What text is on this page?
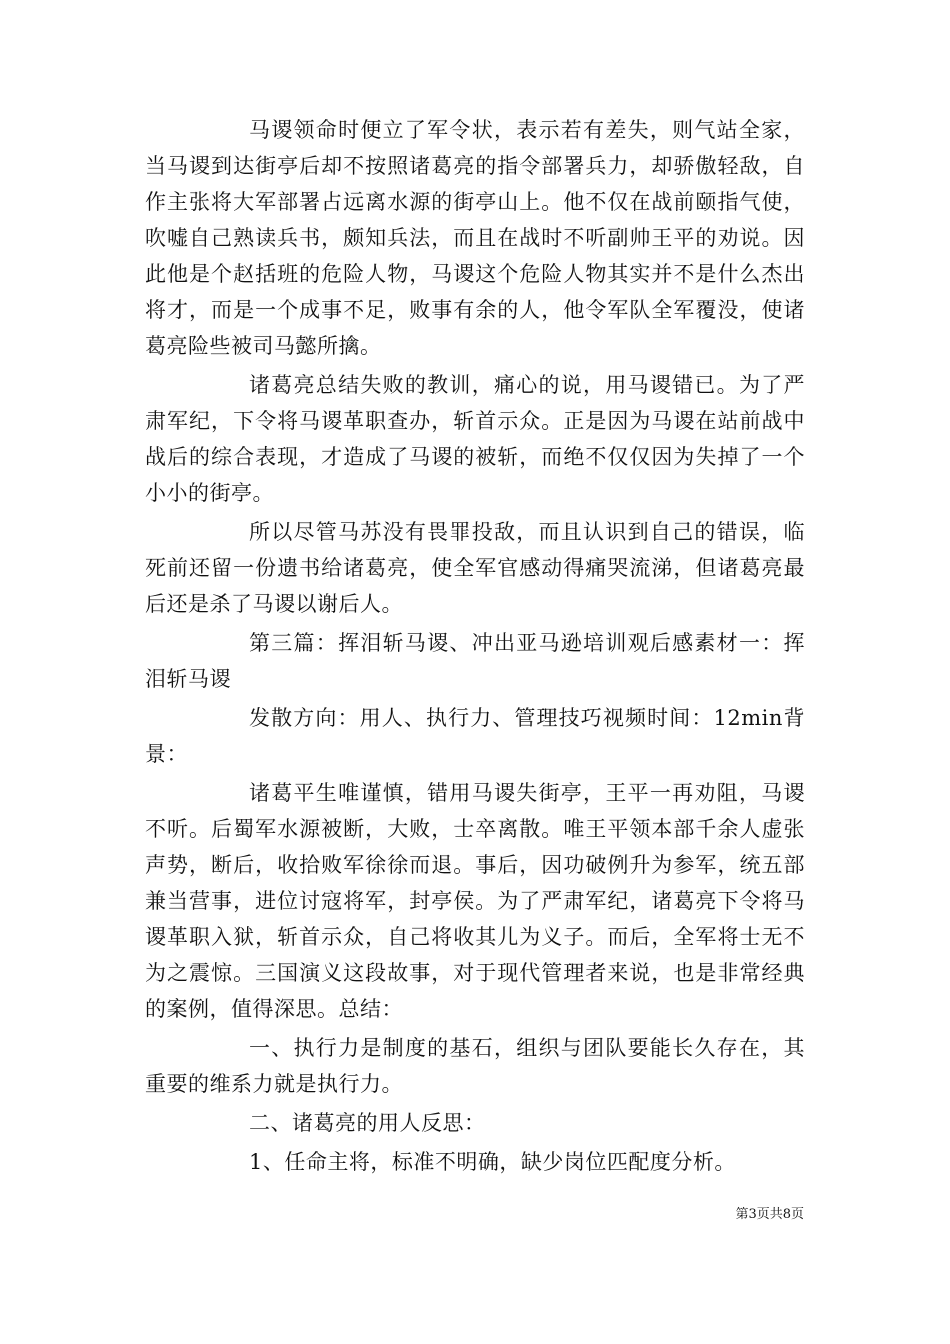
马谡领命时便立了军令状，表示若有差失，则气站全家，当马谡到达街亭后却不按照诸葛亮的指令部署兵力，却骄傲轻敌，自作主张将大军部署占远离水源的街亭山上。他不仅在战前颐指气使，吹嘘自己熟读兵书，颇知兵法，而且在战时不听副帅王平的劝说。因此他是个赵括班的危险人物，马谡这个危险人物其实并不是什么杰出将才，而是一个成事不足，败事有余的人，他令军队全军覆没，使诸葛亮险些被司马懿所擒。

诸葛亮总结失败的教训，痛心的说，用马谡错已。为了严肃军纪，下令将马谡革职查办，斩首示众。正是因为马谡在站前战中战后的综合表现，才造成了马谡的被斩，而绝不仅仅因为失掉了一个小小的街亭。

所以尽管马苏没有畏罪投敌，而且认识到自己的错误，临死前还留一份遗书给诸葛亮，使全军官感动得痛哭流涕，但诸葛亮最后还是杀了马谡以谢后人。

第三篇：挥泪斩马谡、冲出亚马逊培训观后感素材一：挥泪斩马谡

发散方向：用人、执行力、管理技巧视频时间：12min背景：

诸葛平生唯谨慎，错用马谡失街亭，王平一再劝阻，马谡不听。后蜀军水源被断，大败，士卒离散。唯王平领本部千余人虚张声势，断后，收拾败军徐徐而退。事后，因功破例升为参军，统五部兼当营事，进位讨寇将军，封亭侯。为了严肃军纪，诸葛亮下令将马谡革职入狱，斩首示众，自己将收其儿为义子。而后，全军将士无不为之震惊。三国演义这段故事，对于现代管理者来说，也是非常经典的案例，值得深思。总结：

一、执行力是制度的基石，组织与团队要能长久存在，其重要的维系力就是执行力。

二、诸葛亮的用人反思：

1、任命主将，标准不明确，缺少岗位匹配度分析。

第3页共8页
